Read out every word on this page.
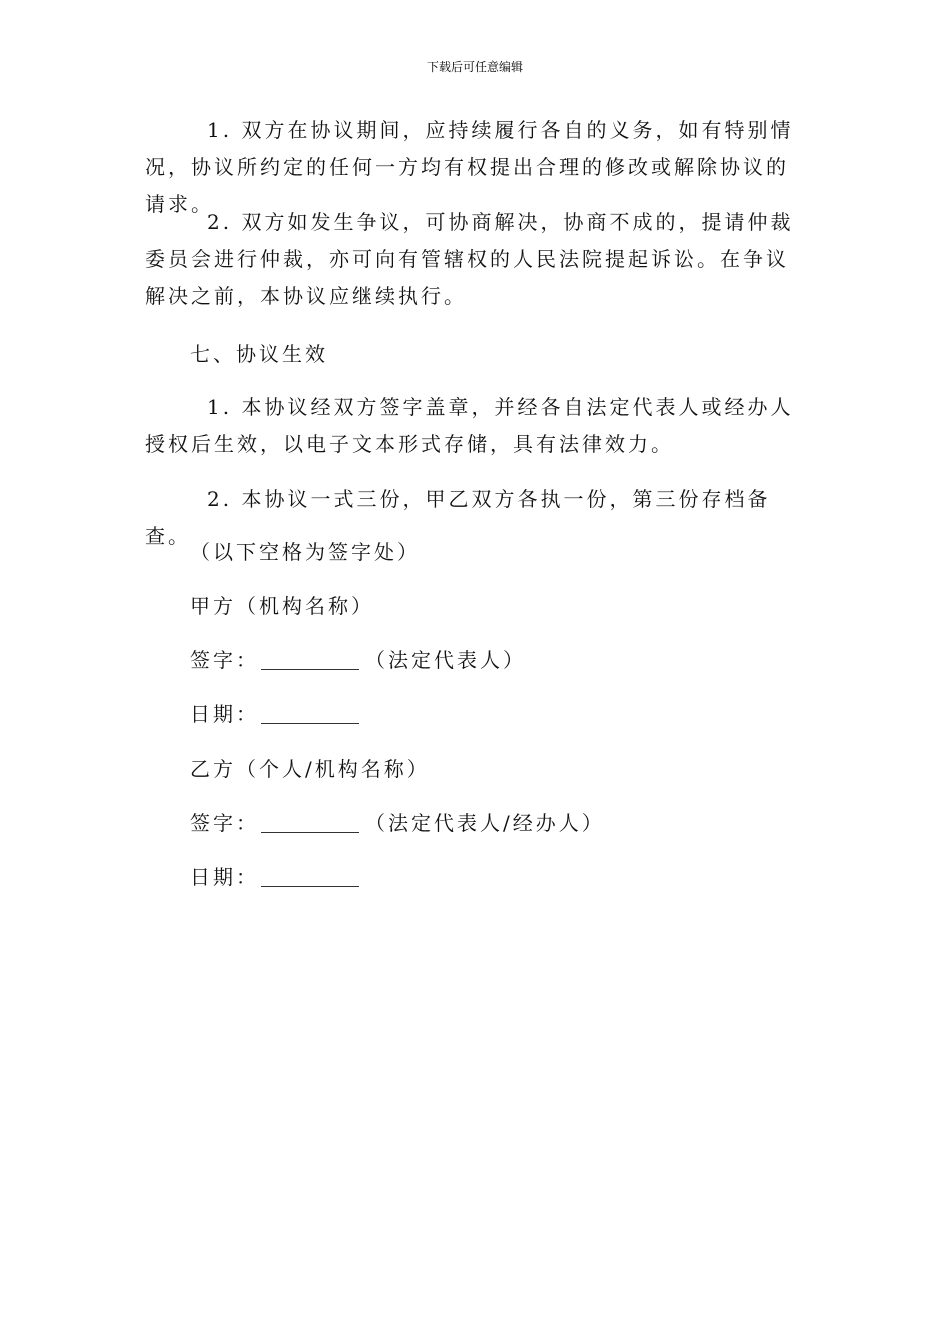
下载后可任意编辑

1. 双方在协议期间，应持续履行各自的义务，如有特别情况，协议所约定的任何一方均有权提出合理的修改或解除协议的请求。

2. 双方如发生争议，可协商解决，协商不成的，提请仲裁委员会进行仲裁，亦可向有管辖权的人民法院提起诉讼。在争议解决之前，本协议应继续执行。

七、协议生效

1. 本协议经双方签字盖章，并经各自法定代表人或经办人授权后生效，以电子文本形式存储，具有法律效力。

2. 本协议一式三份，甲乙双方各执一份，第三份存档备查。

（以下空格为签字处）

甲方（机构名称）

签字：	（法定代表人）

日期：

乙方（个人/机构名称）

签字：	（法定代表人/经办人）

日期：
